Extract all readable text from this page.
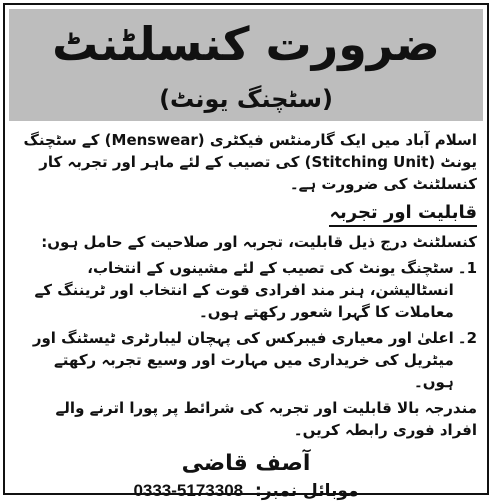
ضرورت کنسلٹنٹ
(سٹچنگ یونٹ)

اسلام آباد میں ایک گارمنٹس فیکٹری (Menswear) کے سٹچنگ یونٹ (Stitching Unit) کی تصیب کے لئے ماہر اور تجربہ کار کنسلٹنٹ کی ضرورت ہے۔

قابلیت اور تجربہ

کنسلٹنٹ درج ذیل قابلیت، تجربہ اور صلاحیت کے حامل ہوں:

1۔

سٹچنگ یونٹ کی تصیب کے لئے مشینوں کے انتخاب، انسٹالیشن، ہنر مند افرادی قوت کے انتخاب اور ٹریننگ کے معاملات کا گہرا شعور رکھتے ہوں۔

2۔

اعلیٰ اور معیاری فیبرکس کی پہچان لیبارٹری ٹیسٹنگ اور میٹریل کی خریداری میں مہارت اور وسیع تجربہ رکھتے ہوں۔

مندرجہ بالا قابلیت اور تجربہ کی شرائط پر پورا اترنے والے افراد فوری رابطہ کریں۔

آصف قاضی
موبائل نمبر: 0333-5173308
